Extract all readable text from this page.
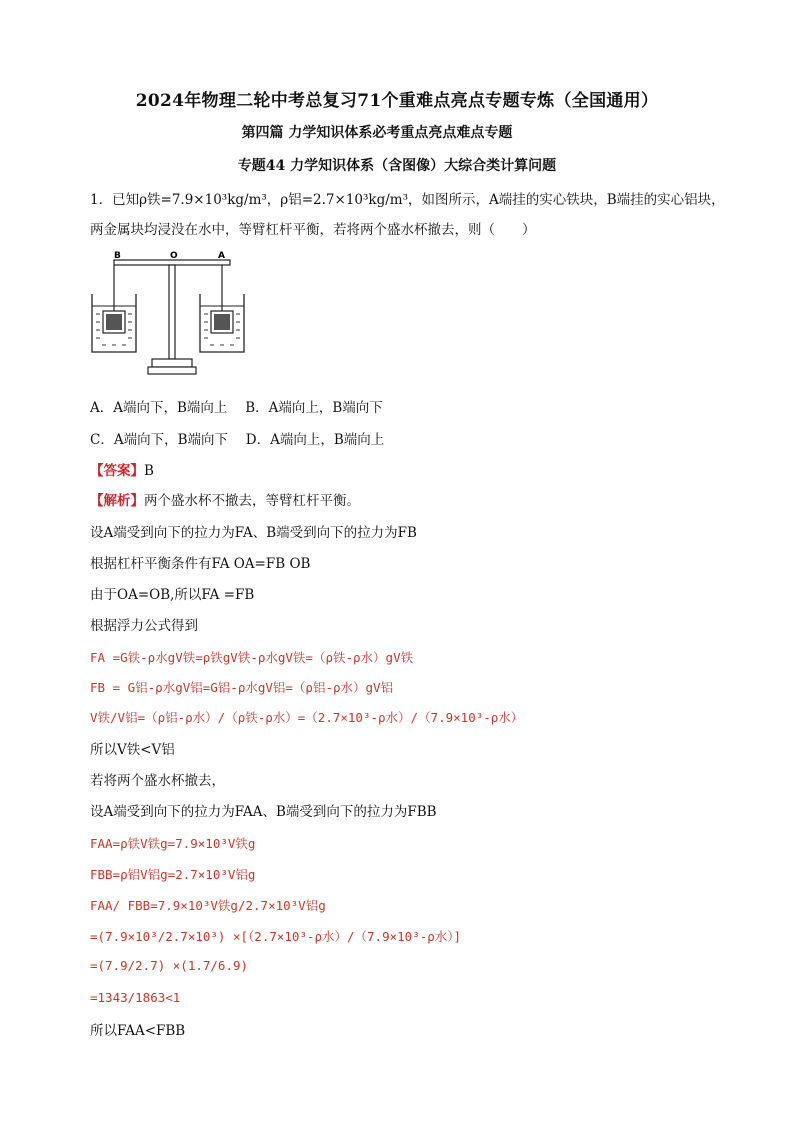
2024年物理二轮中考总复习71个重难点亮点专题专炼（全国通用）
第四篇 力学知识体系必考重点亮点难点专题
专题44 力学知识体系（含图像）大综合类计算问题
1．已知ρ铁=7.9×10³kg/m³，ρ铝=2.7×10³kg/m³，如图所示，A端挂的实心铁块，B端挂的实心铝块，
两金属块均浸没在水中，等臂杠杆平衡，若将两个盛水杯撤去，则（　　）
B	O	A
A．A端向下，B端向上　 B．A端向上，B端向下
C．A端向下，B端向下　 D．A端向上，B端向上
【答案】B
【解析】两个盛水杯不撤去，等臂杠杆平衡。
设A端受到向下的拉力为FA、B端受到向下的拉力为FB
根据杠杆平衡条件有FA OA=FB OB
由于OA=OB,所以FA =FB
根据浮力公式得到
FA =G铁-ρ水gV铁=ρ铁gV铁-ρ水gV铁=（ρ铁-ρ水）gV铁
FB = G铝-ρ水gV铝=G铝-ρ水gV铝=（ρ铝-ρ水）gV铝
V铁/V铝=（ρ铝-ρ水）/（ρ铁-ρ水）=（2.7×10³-ρ水）/（7.9×10³-ρ水）
所以V铁<V铝
若将两个盛水杯撤去，
设A端受到向下的拉力为FAA、B端受到向下的拉力为FBB
FAA=ρ铁V铁g=7.9×10³V铁g
FBB=ρ铝V铝g=2.7×10³V铝g
FAA/ FBB=7.9×10³V铁g/2.7×10³V铝g
=(7.9×10³/2.7×10³) ×[（2.7×10³-ρ水）/（7.9×10³-ρ水）]
=(7.9/2.7) ×(1.7/6.9)
=1343/1863<1
所以FAA<FBB
